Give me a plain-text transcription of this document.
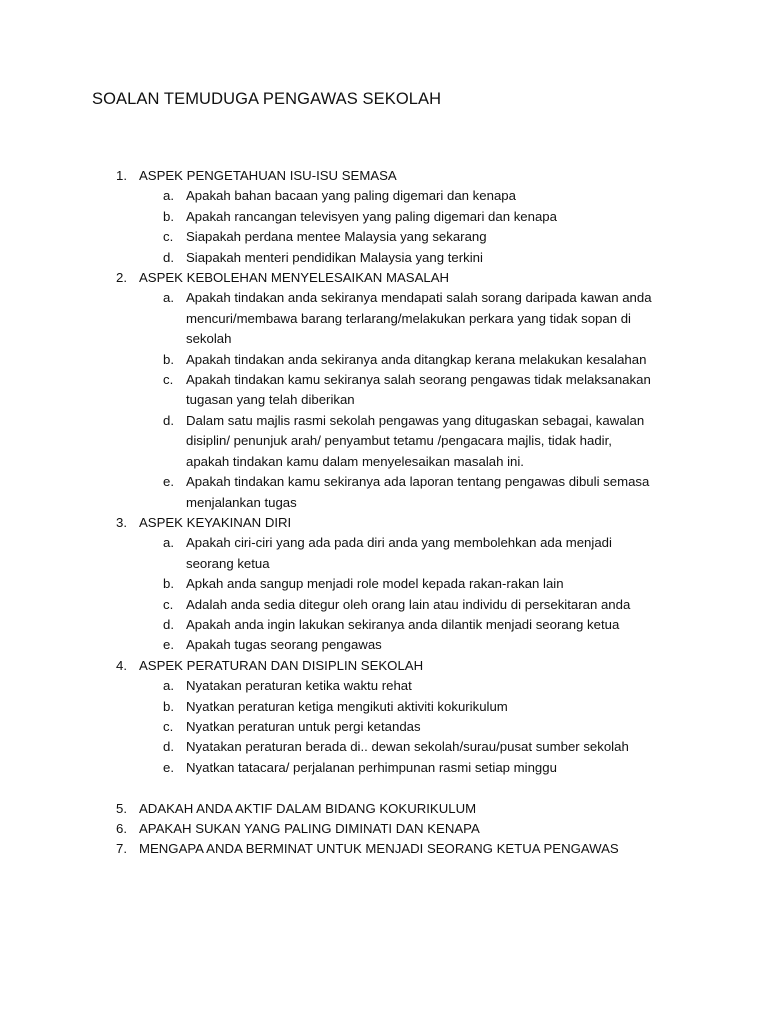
SOALAN TEMUDUGA PENGAWAS SEKOLAH
1. ASPEK PENGETAHUAN ISU-ISU SEMASA
a. Apakah bahan bacaan yang paling digemari dan kenapa
b. Apakah rancangan televisyen yang paling digemari dan kenapa
c. Siapakah perdana mentee Malaysia yang sekarang
d. Siapakah menteri pendidikan Malaysia yang terkini
2. ASPEK KEBOLEHAN MENYELESAIKAN MASALAH
a. Apakah tindakan anda sekiranya mendapati salah sorang daripada kawan anda mencuri/membawa barang terlarang/melakukan perkara yang tidak sopan di sekolah
b. Apakah tindakan anda sekiranya anda ditangkap kerana melakukan kesalahan
c. Apakah tindakan kamu sekiranya salah seorang pengawas tidak melaksanakan tugasan yang telah diberikan
d. Dalam satu majlis rasmi sekolah pengawas yang ditugaskan sebagai, kawalan disiplin/ penunjuk arah/ penyambut tetamu /pengacara majlis, tidak hadir, apakah tindakan kamu dalam menyelesaikan masalah ini.
e. Apakah tindakan kamu sekiranya ada laporan tentang pengawas dibuli semasa menjalankan tugas
3. ASPEK KEYAKINAN DIRI
a. Apakah ciri-ciri yang ada pada diri anda yang membolehkan ada menjadi seorang ketua
b. Apkah anda sangup menjadi role model kepada rakan-rakan lain
c. Adalah anda sedia ditegur oleh orang lain atau individu di persekitaran anda
d. Apakah anda ingin lakukan sekiranya anda dilantik menjadi seorang ketua
e. Apakah tugas seorang pengawas
4. ASPEK PERATURAN DAN DISIPLIN SEKOLAH
a. Nyatakan peraturan ketika waktu rehat
b. Nyatkan peraturan ketiga mengikuti aktiviti kokurikulum
c. Nyatkan peraturan untuk pergi ketandas
d. Nyatakan peraturan berada di.. dewan sekolah/surau/pusat sumber sekolah
e. Nyatkan tatacara/ perjalanan perhimpunan rasmi setiap minggu
5. ADAKAH ANDA AKTIF DALAM BIDANG KOKURIKULUM
6. APAKAH SUKAN YANG PALING DIMINATI DAN KENAPA
7. MENGAPA ANDA BERMINAT UNTUK MENJADI SEORANG KETUA PENGAWAS
